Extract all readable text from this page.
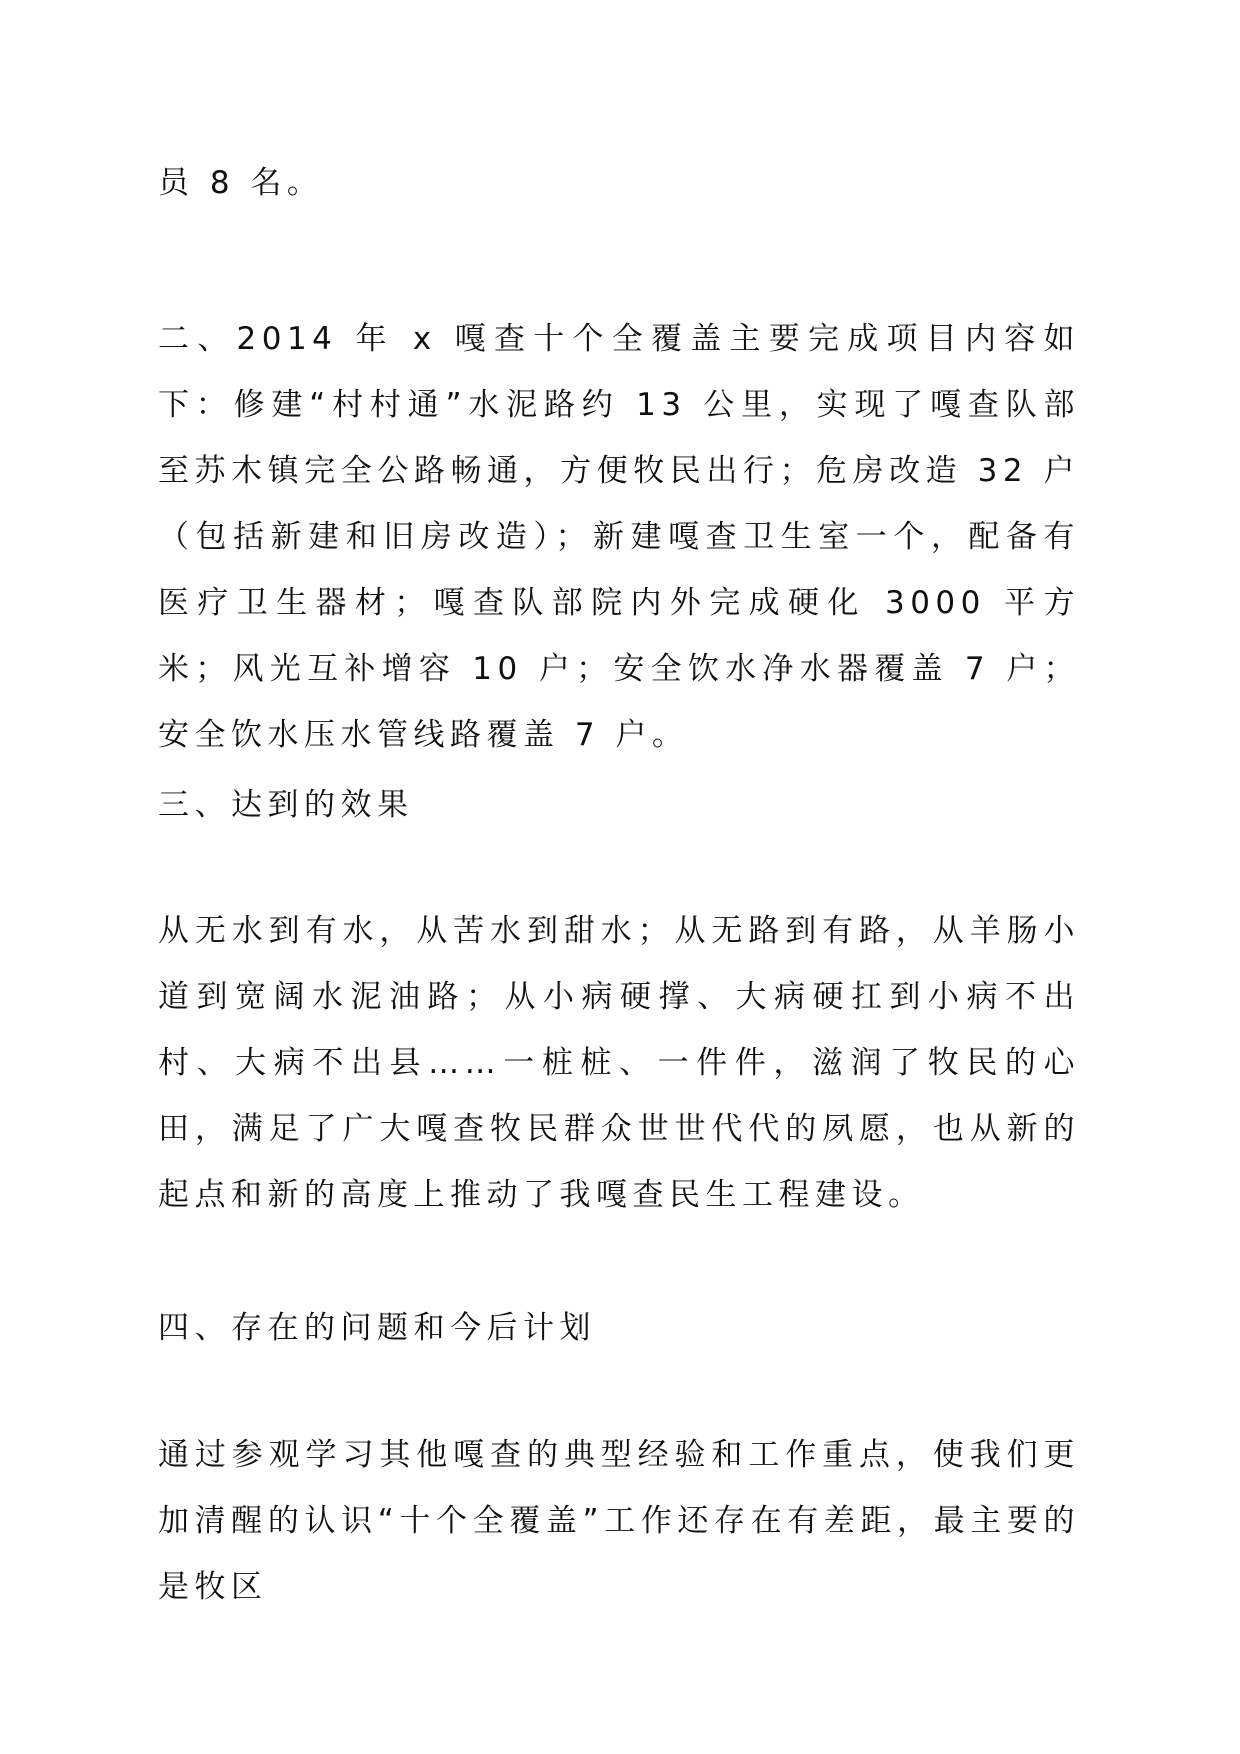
员 8 名。

二、2014 年 x 嘎查十个全覆盖主要完成项目内容如下：修建“村村通”水泥路约 13 公里，实现了嘎查队部至苏木镇完全公路畅通，方便牧民出行；危房改造 32 户（包括新建和旧房改造）；新建嘎查卫生室一个，配备有医疗卫生器材；嘎查队部院内外完成硬化 3000 平方米；风光互补增容 10 户；安全饮水净水器覆盖 7 户；安全饮水压水管线路覆盖 7 户。

三、达到的效果

从无水到有水，从苦水到甜水；从无路到有路，从羊肠小道到宽阔水泥油路；从小病硬撑、大病硬扛到小病不出村、大病不出县……一桩桩、一件件，滋润了牧民的心田，满足了广大嘎查牧民群众世世代代的夙愿，也从新的起点和新的高度上推动了我嘎查民生工程建设。

四、存在的问题和今后计划

通过参观学习其他嘎查的典型经验和工作重点，使我们更加清醒的认识“十个全覆盖”工作还存在有差距，最主要的是牧区
